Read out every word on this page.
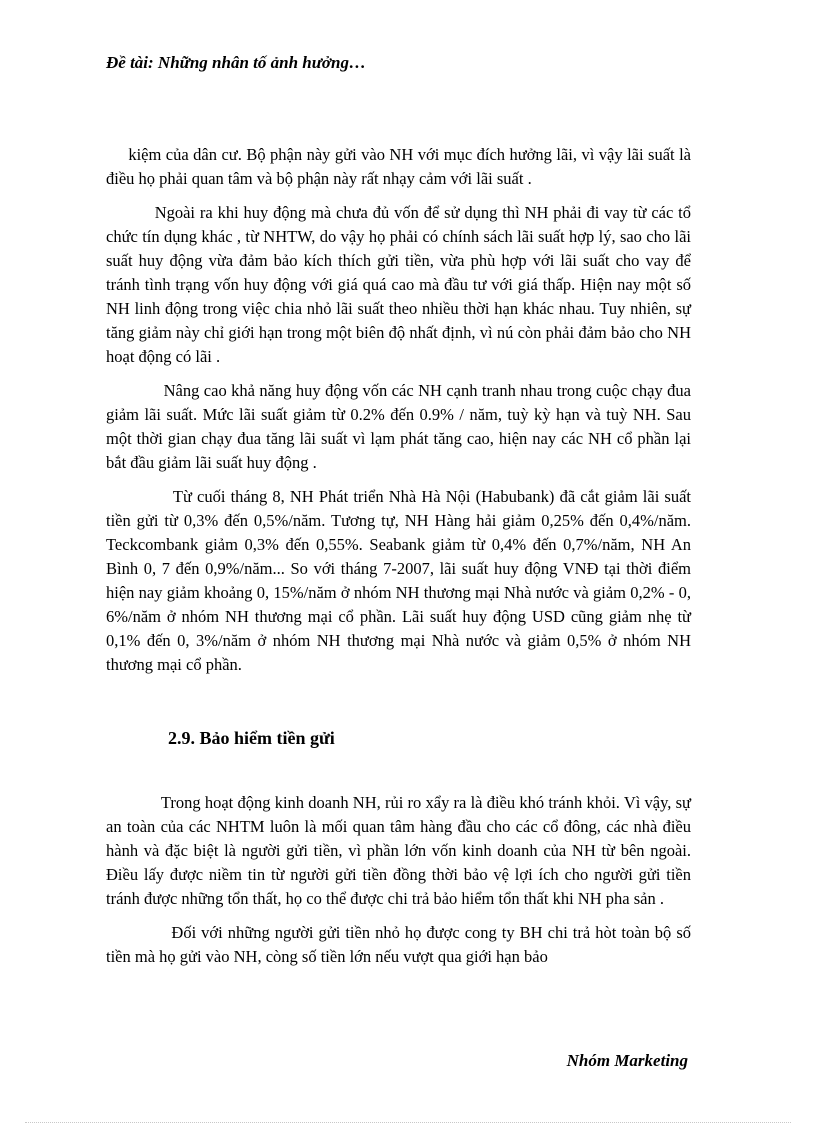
Đề tài: Những nhân tố ảnh hưởng…

kiệm của dân cư. Bộ phận này gửi vào NH với mục đích hưởng lãi, vì vậy lãi suất là điều họ phải quan tâm và bộ phận này rất nhạy cảm với lãi suất .

Ngoài ra khi huy động mà chưa đủ vốn để sử dụng thì NH phải đi vay từ các tổ chức tín dụng khác , từ NHTW, do vậy họ phải có chính sách lãi suất hợp lý, sao cho lãi suất huy động vừa đảm bảo kích thích gửi tiền, vừa phù hợp với lãi suất cho vay để tránh tình trạng vốn huy động với giá quá cao mà đầu tư với giá thấp. Hiện nay một số NH linh động trong việc chia nhỏ lãi suất theo nhiều thời hạn khác nhau. Tuy nhiên, sự tăng giảm này chỉ giới hạn trong một biên độ nhất định, vì nú còn phải đảm bảo cho NH hoạt động có lãi .

Nâng cao khả năng huy động vốn các NH cạnh tranh nhau trong cuộc chạy đua giảm lãi suất. Mức lãi suất giảm từ 0.2% đến 0.9% / năm, tuỳ kỳ hạn và tuỳ NH. Sau một thời gian chạy đua tăng lãi suất vì lạm phát tăng cao, hiện nay các NH cổ phần lại bắt đầu giảm lãi suất huy động .

Từ cuối tháng 8, NH Phát triển Nhà Hà Nội (Habubank) đã cắt giảm lãi suất tiền gửi từ 0,3% đến 0,5%/năm. Tương tự, NH Hàng hải giảm 0,25% đến 0,4%/năm. Teckcombank giảm 0,3% đến 0,55%. Seabank giảm từ 0,4% đến 0,7%/năm, NH An Bình 0, 7 đến 0,9%/năm... So với tháng 7-2007, lãi suất huy động VNĐ tại thời điểm hiện nay giảm khoảng 0, 15%/năm ở nhóm NH thương mại Nhà nước và giảm 0,2% - 0, 6%/năm ở nhóm NH thương mại cổ phần. Lãi suất huy động USD cũng giảm nhẹ từ 0,1% đến 0, 3%/năm ở nhóm NH thương mại Nhà nước và giảm 0,5% ở nhóm NH thương mại cổ phần.

2.9. Bảo hiểm tiền gửi

Trong hoạt động kinh doanh NH, rủi ro xẩy ra là điều khó tránh khỏi. Vì vậy, sự an toàn của các NHTM luôn là mối quan tâm hàng đầu cho các cổ đông, các nhà điều hành và đặc biệt là người gửi tiền, vì phần lớn vốn kinh doanh của NH từ bên ngoài. Điều lấy được niềm tin từ người gửi tiền đồng thời bảo vệ lợi ích cho người gửi tiền tránh được những tổn thất, họ co thể được chi trả bảo hiểm tổn thất khi NH pha sản .

Đối với những người gửi tiền nhỏ họ được cong ty BH chi trả hòt toàn bộ số tiền mà họ gửi vào NH, còng số tiền lớn nếu vượt qua giới hạn bảo

Nhóm Marketing
